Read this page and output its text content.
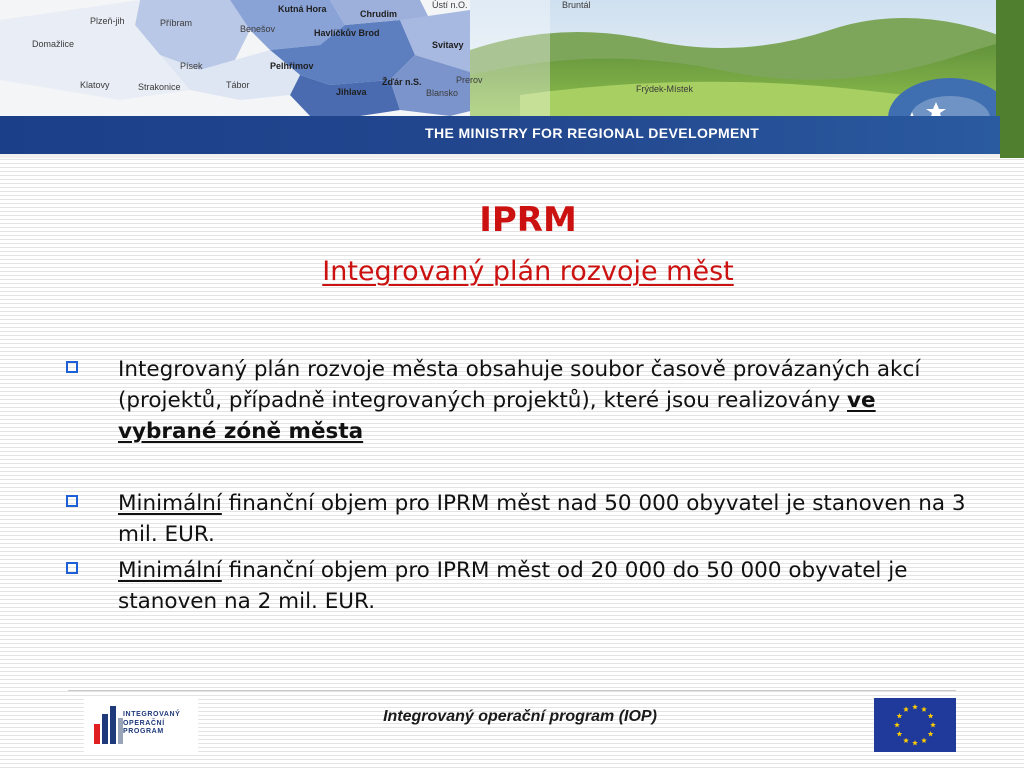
Plzeň-jih	Příbram
Kutná Hora	Chrudim
Ústí n.O.	Bruntál
Domažlice
Benešov	Havlíčkův Brod
Svitavy
Písek	Pelhřimov
Klatovy	Strakonice	Tábor	Žďár n.S.
Jihlava
Prerov
Blansko	Frýdek-Místek
THE MINISTRY FOR REGIONAL DEVELOPMENT
IPRM
Integrovaný plán rozvoje měst
Integrovaný plán rozvoje města obsahuje soubor časově provázaných akcí (projektů, případně integrovaných projektů), které jsou realizovány ve vybrané zóně města
Minimální finanční objem pro IPRM měst nad 50 000 obyvatel je stanoven na 3 mil. EUR.
Minimální finanční objem pro IPRM měst od 20 000 do 50 000 obyvatel je stanoven na 2 mil. EUR.
INTEGROVANÝ
OPERAČNÍ
PROGRAM
Integrovaný operační program (IOP)
